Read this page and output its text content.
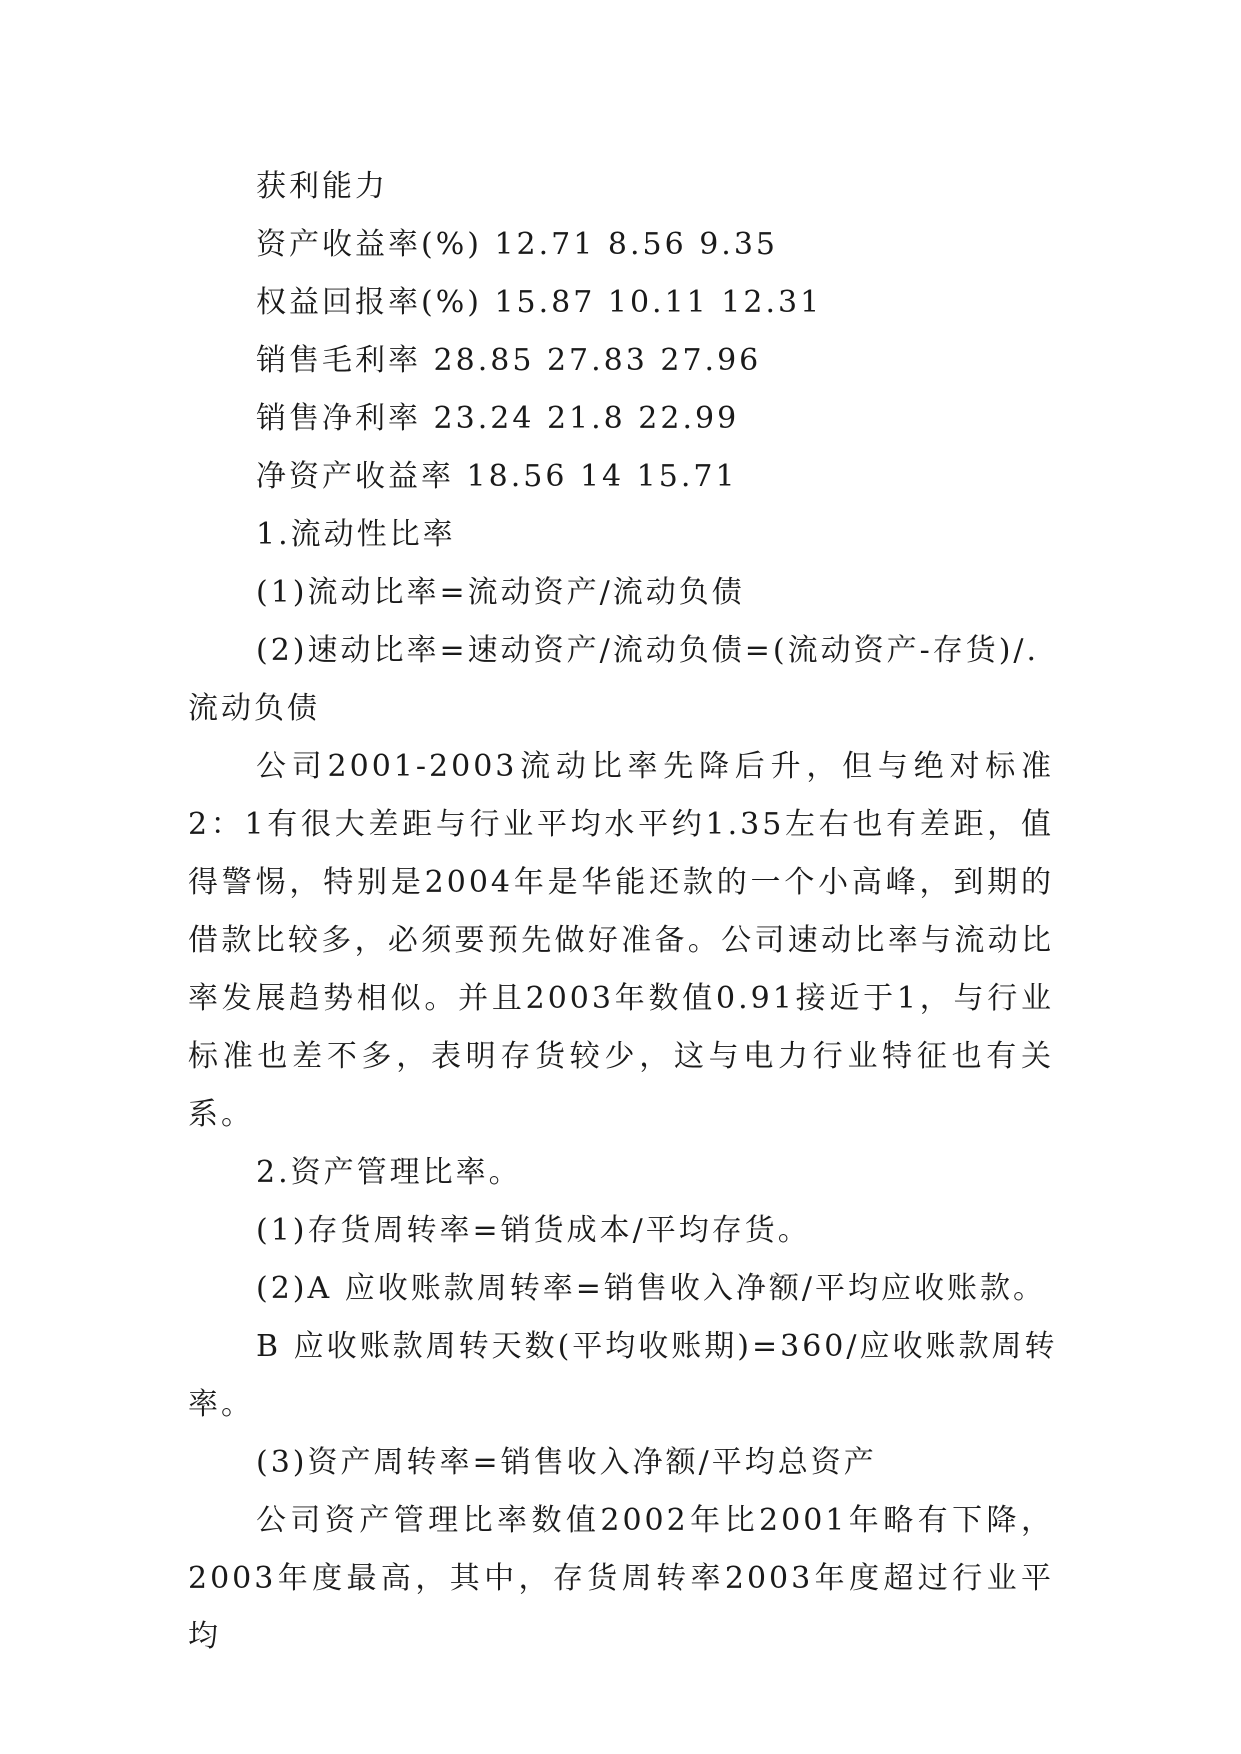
获利能力
资产收益率(%) 12.71 8.56 9.35
权益回报率(%) 15.87 10.11 12.31
销售毛利率 28.85 27.83 27.96
销售净利率 23.24 21.8 22.99
净资产收益率 18.56 14 15.71
1.流动性比率
(1)流动比率=流动资产/流动负债
(2)速动比率=速动资产/流动负债=(流动资产-存货)/.
流动负债

公司2001-2003流动比率先降后升，但与绝对标准2：1有很大差距与行业平均水平约1.35左右也有差距，值得警惕，特别是2004年是华能还款的一个小高峰，到期的借款比较多，必须要预先做好准备。公司速动比率与流动比率发展趋势相似。并且2003年数值0.91接近于1，与行业标准也差不多，表明存货较少，这与电力行业特征也有关系。

2.资产管理比率。
(1)存货周转率=销货成本/平均存货。
(2)A 应收账款周转率=销售收入净额/平均应收账款。
B 应收账款周转天数(平均收账期)=360/应收账款周转
率。
(3)资产周转率=销售收入净额/平均总资产

公司资产管理比率数值2002年比2001年略有下降，2003年度最高，其中，存货周转率2003年度超过行业平均
